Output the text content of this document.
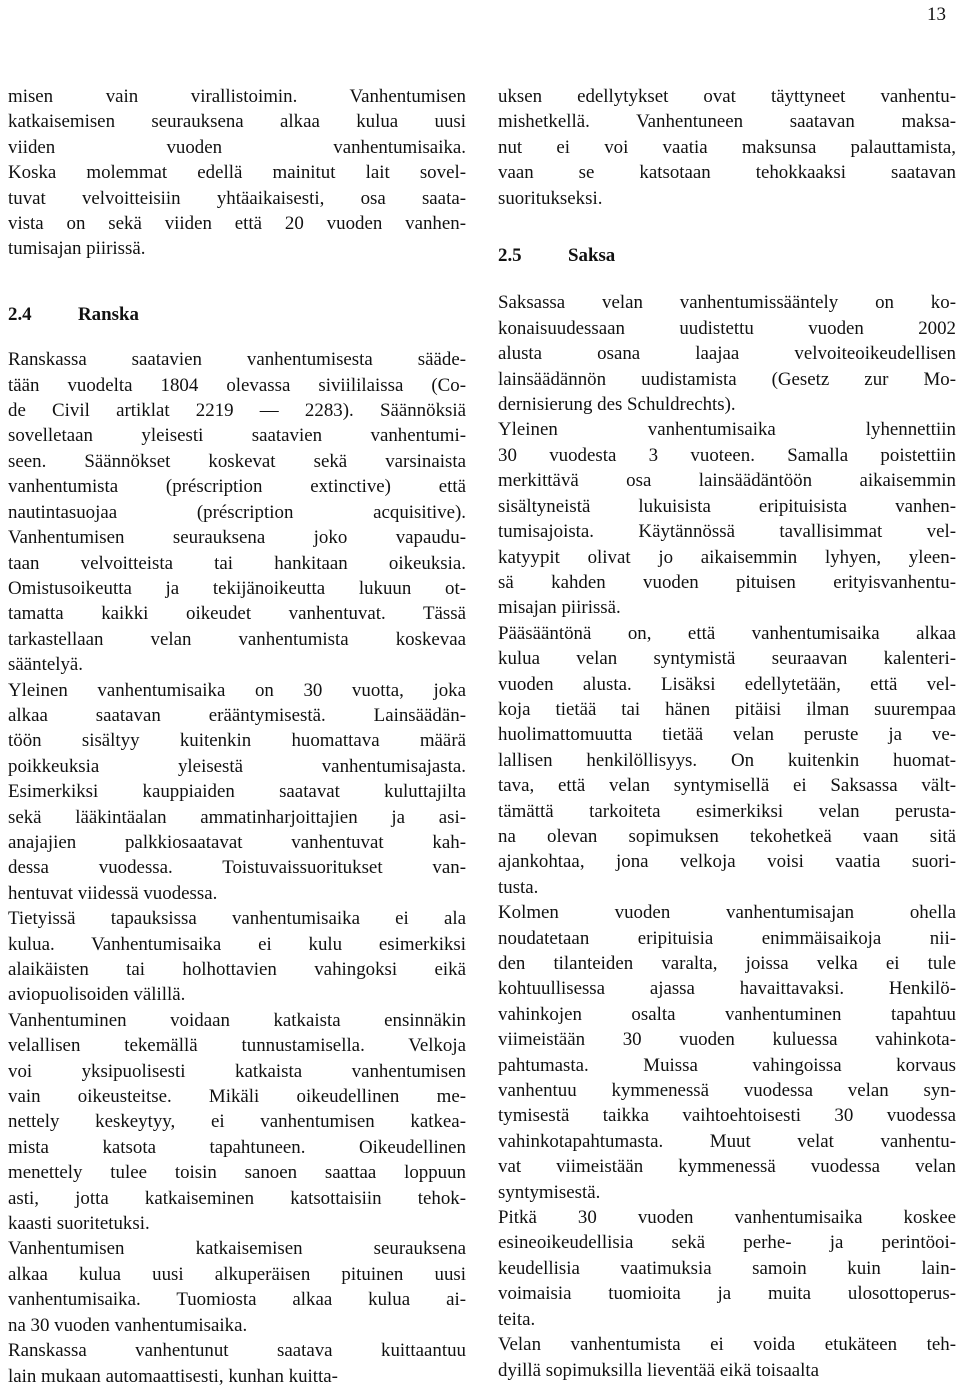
13
misen vain virallistoimin. Vanhentumisen
katkaisemisen seurauksena alkaa kulua uusi
viiden vuoden vanhentumisaika.
Koska molemmat edellä mainitut lait sovel-
tuvat velvoitteisiin yhtäaikaisesti, osa saata-
vista on sekä viiden että 20 vuoden vanhen-
tumisajan piirissä.
2.4 Ranska
Ranskassa saatavien vanhentumisesta sääde-
tään vuodelta 1804 olevassa siviililaissa (Co-
de Civil artiklat 2219 — 2283). Säännöksiä
sovelletaan yleisesti saatavien vanhentumi-
seen. Säännökset koskevat sekä varsinaista
vanhentumista (préscription extinctive) että
nautintasuojaa (préscription acquisitive).
Vanhentumisen seurauksena joko vapaudu-
taan velvoitteista tai hankitaan oikeuksia.
Omistusoikeutta ja tekijänoikeutta lukuun ot-
tamatta kaikki oikeudet vanhentuvat. Tässä
tarkastellaan velan vanhentumista koskevaa
sääntelyä.
Yleinen vanhentumisaika on 30 vuotta, joka
alkaa saatavan erääntymisestä. Lainsäädän-
töön sisältyy kuitenkin huomattava määrä
poikkeuksia yleisestä vanhentumisajasta.
Esimerkiksi kauppiaiden saatavat kuluttajilta
sekä lääkintäalan ammatinharjoittajien ja asi-
anajajien palkkiosaatavat vanhentuvat kah-
dessa vuodessa. Toistuvaissuoritukset van-
hentuvat viidessä vuodessa.
Tietyissä tapauksissa vanhentumisaika ei ala
kulua. Vanhentumisaika ei kulu esimerkiksi
alaikäisten tai holhottavien vahingoksi eikä
aviopuolisoiden välillä.
Vanhentuminen voidaan katkaista ensinnäkin
velallisen tekemällä tunnustamisella. Velkoja
voi yksipuolisesti katkaista vanhentumisen
vain oikeusteitse. Mikäli oikeudellinen me-
nettely keskeytyy, ei vanhentumisen katkea-
mista katsota tapahtuneen. Oikeudellinen
menettely tulee toisin sanoen saattaa loppuun
asti, jotta katkaiseminen katsottaisiin tehok-
kaasti suoritetuksi.
Vanhentumisen katkaisemisen seurauksena
alkaa kulua uusi alkuperäisen pituinen uusi
vanhentumisaika. Tuomiosta alkaa kulua ai-
na 30 vuoden vanhentumisaika.
Ranskassa vanhentunut saatava kuittaantuu
lain mukaan automaattisesti, kunhan kuitta-
uksen edellytykset ovat täyttyneet vanhentu-
mishetkellä. Vanhentuneen saatavan maksa-
nut ei voi vaatia maksunsa palauttamista,
vaan se katsotaan tehokkaaksi saatavan
suoritukseksi.
2.5 Saksa
Saksassa velan vanhentumissääntely on ko-
konaisuudessaan uudistettu vuoden 2002
alusta osana laajaa velvoiteoikeudellisen
lainsäädännön uudistamista (Gesetz zur Mo-
dernisierung des Schuldrechts).
Yleinen vanhentumisaika lyhennettiin
30 vuodesta 3 vuoteen. Samalla poistettiin
merkittävä osa lainsäädäntöön aikaisemmin
sisältyneistä lukuisista eripituisista vanhen-
tumisajoista. Käytännössä tavallisimmat vel-
katyypit olivat jo aikaisemmin lyhyen, yleen-
sä kahden vuoden pituisen erityisvanhentu-
misajan piirissä.
Pääsääntönä on, että vanhentumisaika alkaa
kulua velan syntymistä seuraavan kalenteri-
vuoden alusta. Lisäksi edellytetään, että vel-
koja tietää tai hänen pitäisi ilman suurempaa
huolimattomuutta tietää velan peruste ja ve-
lallisen henkilöllisyys. On kuitenkin huomat-
tava, että velan syntymisellä ei Saksassa vält-
tämättä tarkoiteta esimerkiksi velan perusta-
na olevan sopimuksen tekohetkeä vaan sitä
ajankohtaa, jona velkoja voisi vaatia suori-
tusta.
Kolmen vuoden vanhentumisajan ohella
noudatetaan eripituisia enimmäisaikoja nii-
den tilanteiden varalta, joissa velka ei tule
kohtuullisessa ajassa havaittavaksi. Henkilö-
vahinkojen osalta vanhentuminen tapahtuu
viimeistään 30 vuoden kuluessa vahinkota-
pahtumasta. Muissa vahingoissa korvaus
vanhentuu kymmenessä vuodessa velan syn-
tymisestä taikka vaihtoehtoisesti 30 vuodessa
vahinkotapahtumasta. Muut velat vanhentu-
vat viimeistään kymmenessä vuodessa velan
syntymisestä.
Pitkä 30 vuoden vanhentumisaika koskee
esineoikeudellisia sekä perhe- ja perintöoi-
keudellisia vaatimuksia samoin kuin lain-
voimaisia tuomioita ja muita ulosottoperus-
teita.
Velan vanhentumista ei voida etukäteen teh-
dyillä sopimuksilla lieventää eikä toisaalta
